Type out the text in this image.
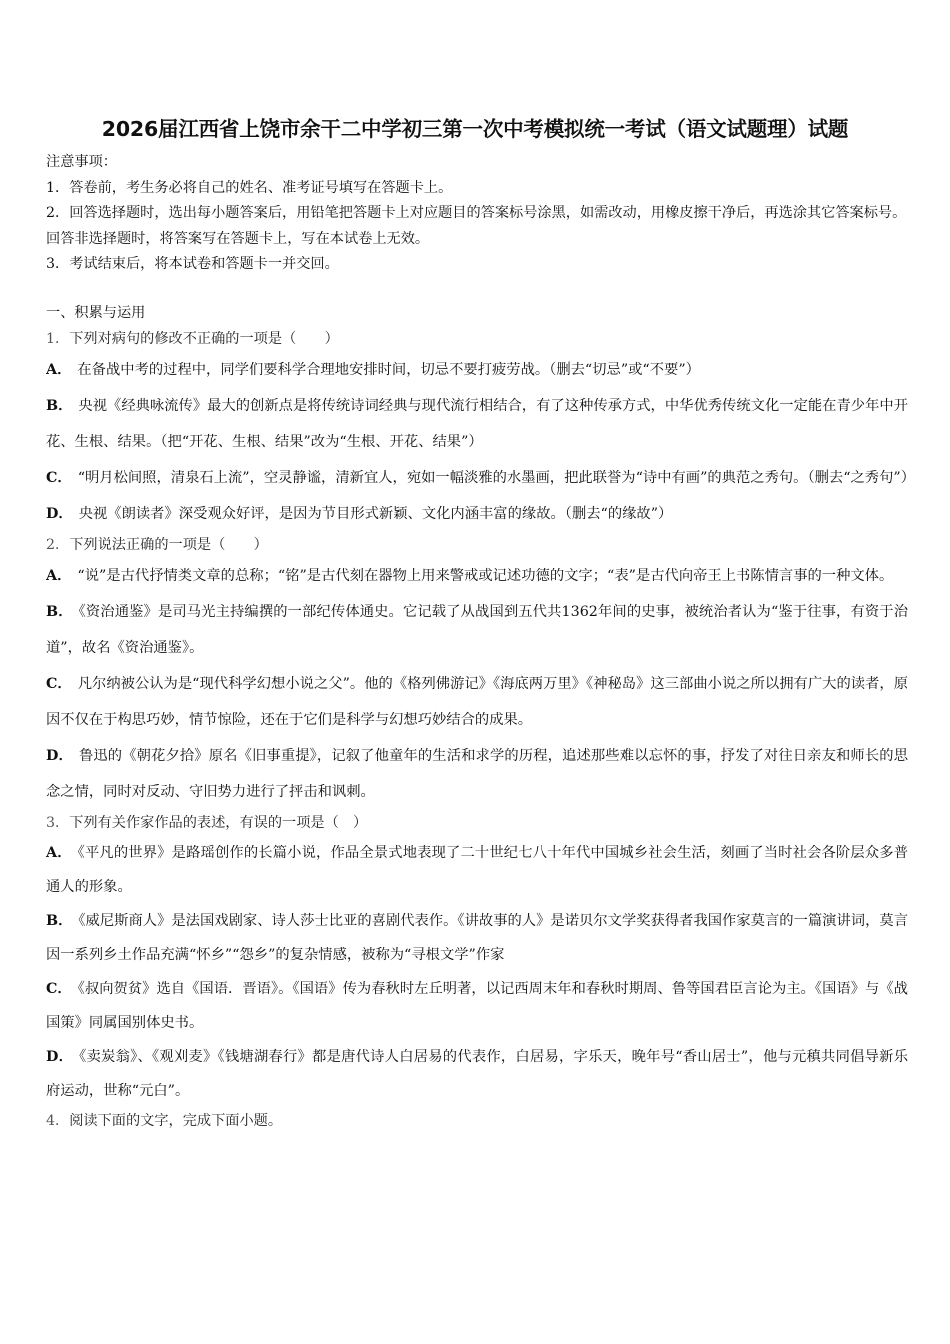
2026届江西省上饶市余干二中学初三第一次中考模拟统一考试（语文试题理）试题

注意事项：

1．答卷前，考生务必将自己的姓名、准考证号填写在答题卡上。

2．回答选择题时，选出每小题答案后，用铅笔把答题卡上对应题目的答案标号涂黑，如需改动，用橡皮擦干净后，再选涂其它答案标号。回答非选择题时，将答案写在答题卡上，写在本试卷上无效。

3．考试结束后，将本试卷和答题卡一并交回。

一、积累与运用

1．下列对病句的修改不正确的一项是（　　）

A． 在备战中考的过程中，同学们要科学合理地安排时间，切忌不要打疲劳战。（删去“切忌”或“不要”）

B． 央视《经典咏流传》最大的创新点是将传统诗词经典与现代流行相结合，有了这种传承方式，中华优秀传统文化一定能在青少年中开花、生根、结果。（把“开花、生根、结果”改为“生根、开花、结果”）

C． “明月松间照，清泉石上流”，空灵静谧，清新宜人，宛如一幅淡雅的水墨画，把此联誉为“诗中有画”的典范之秀句。（删去“之秀句”）

D． 央视《朗读者》深受观众好评，是因为节目形式新颖、文化内涵丰富的缘故。（删去“的缘故”）

2．下列说法正确的一项是（　　）

A． “说”是古代抒情类文章的总称；“铭”是古代刻在器物上用来警戒或记述功德的文字；“表”是古代向帝王上书陈情言事的一种文体。

B． 《资治通鉴》是司马光主持编撰的一部纪传体通史。它记载了从战国到五代共1362年间的史事，被统治者认为“鉴于往事，有资于治道”，故名《资治通鉴》。

C． 凡尔纳被公认为是“现代科学幻想小说之父”。他的《格列佛游记》《海底两万里》《神秘岛》这三部曲小说之所以拥有广大的读者，原因不仅在于构思巧妙，情节惊险，还在于它们是科学与幻想巧妙结合的成果。

D． 鲁迅的《朝花夕拾》原名《旧事重提》，记叙了他童年的生活和求学的历程，追述那些难以忘怀的事，抒发了对往日亲友和师长的思念之情，同时对反动、守旧势力进行了抨击和讽刺。

3．下列有关作家作品的表述，有误的一项是（　）

A． 《平凡的世界》是路瑶创作的长篇小说，作品全景式地表现了二十世纪七八十年代中国城乡社会生活，刻画了当时社会各阶层众多普通人的形象。

B． 《威尼斯商人》是法国戏剧家、诗人莎士比亚的喜剧代表作。《讲故事的人》是诺贝尔文学奖获得者我国作家莫言的一篇演讲词，莫言因一系列乡土作品充满“怀乡”“怨乡”的复杂情感，被称为“寻根文学”作家

C． 《叔向贺贫》选自《国语．晋语》。《国语》传为春秋时左丘明著，以记西周末年和春秋时期周、鲁等国君臣言论为主。《国语》与《战国策》同属国别体史书。

D． 《卖炭翁》、《观刈麦》《钱塘湖春行》都是唐代诗人白居易的代表作，白居易，字乐天，晚年号“香山居士”，他与元稹共同倡导新乐府运动，世称“元白”。

4．阅读下面的文字，完成下面小题。
